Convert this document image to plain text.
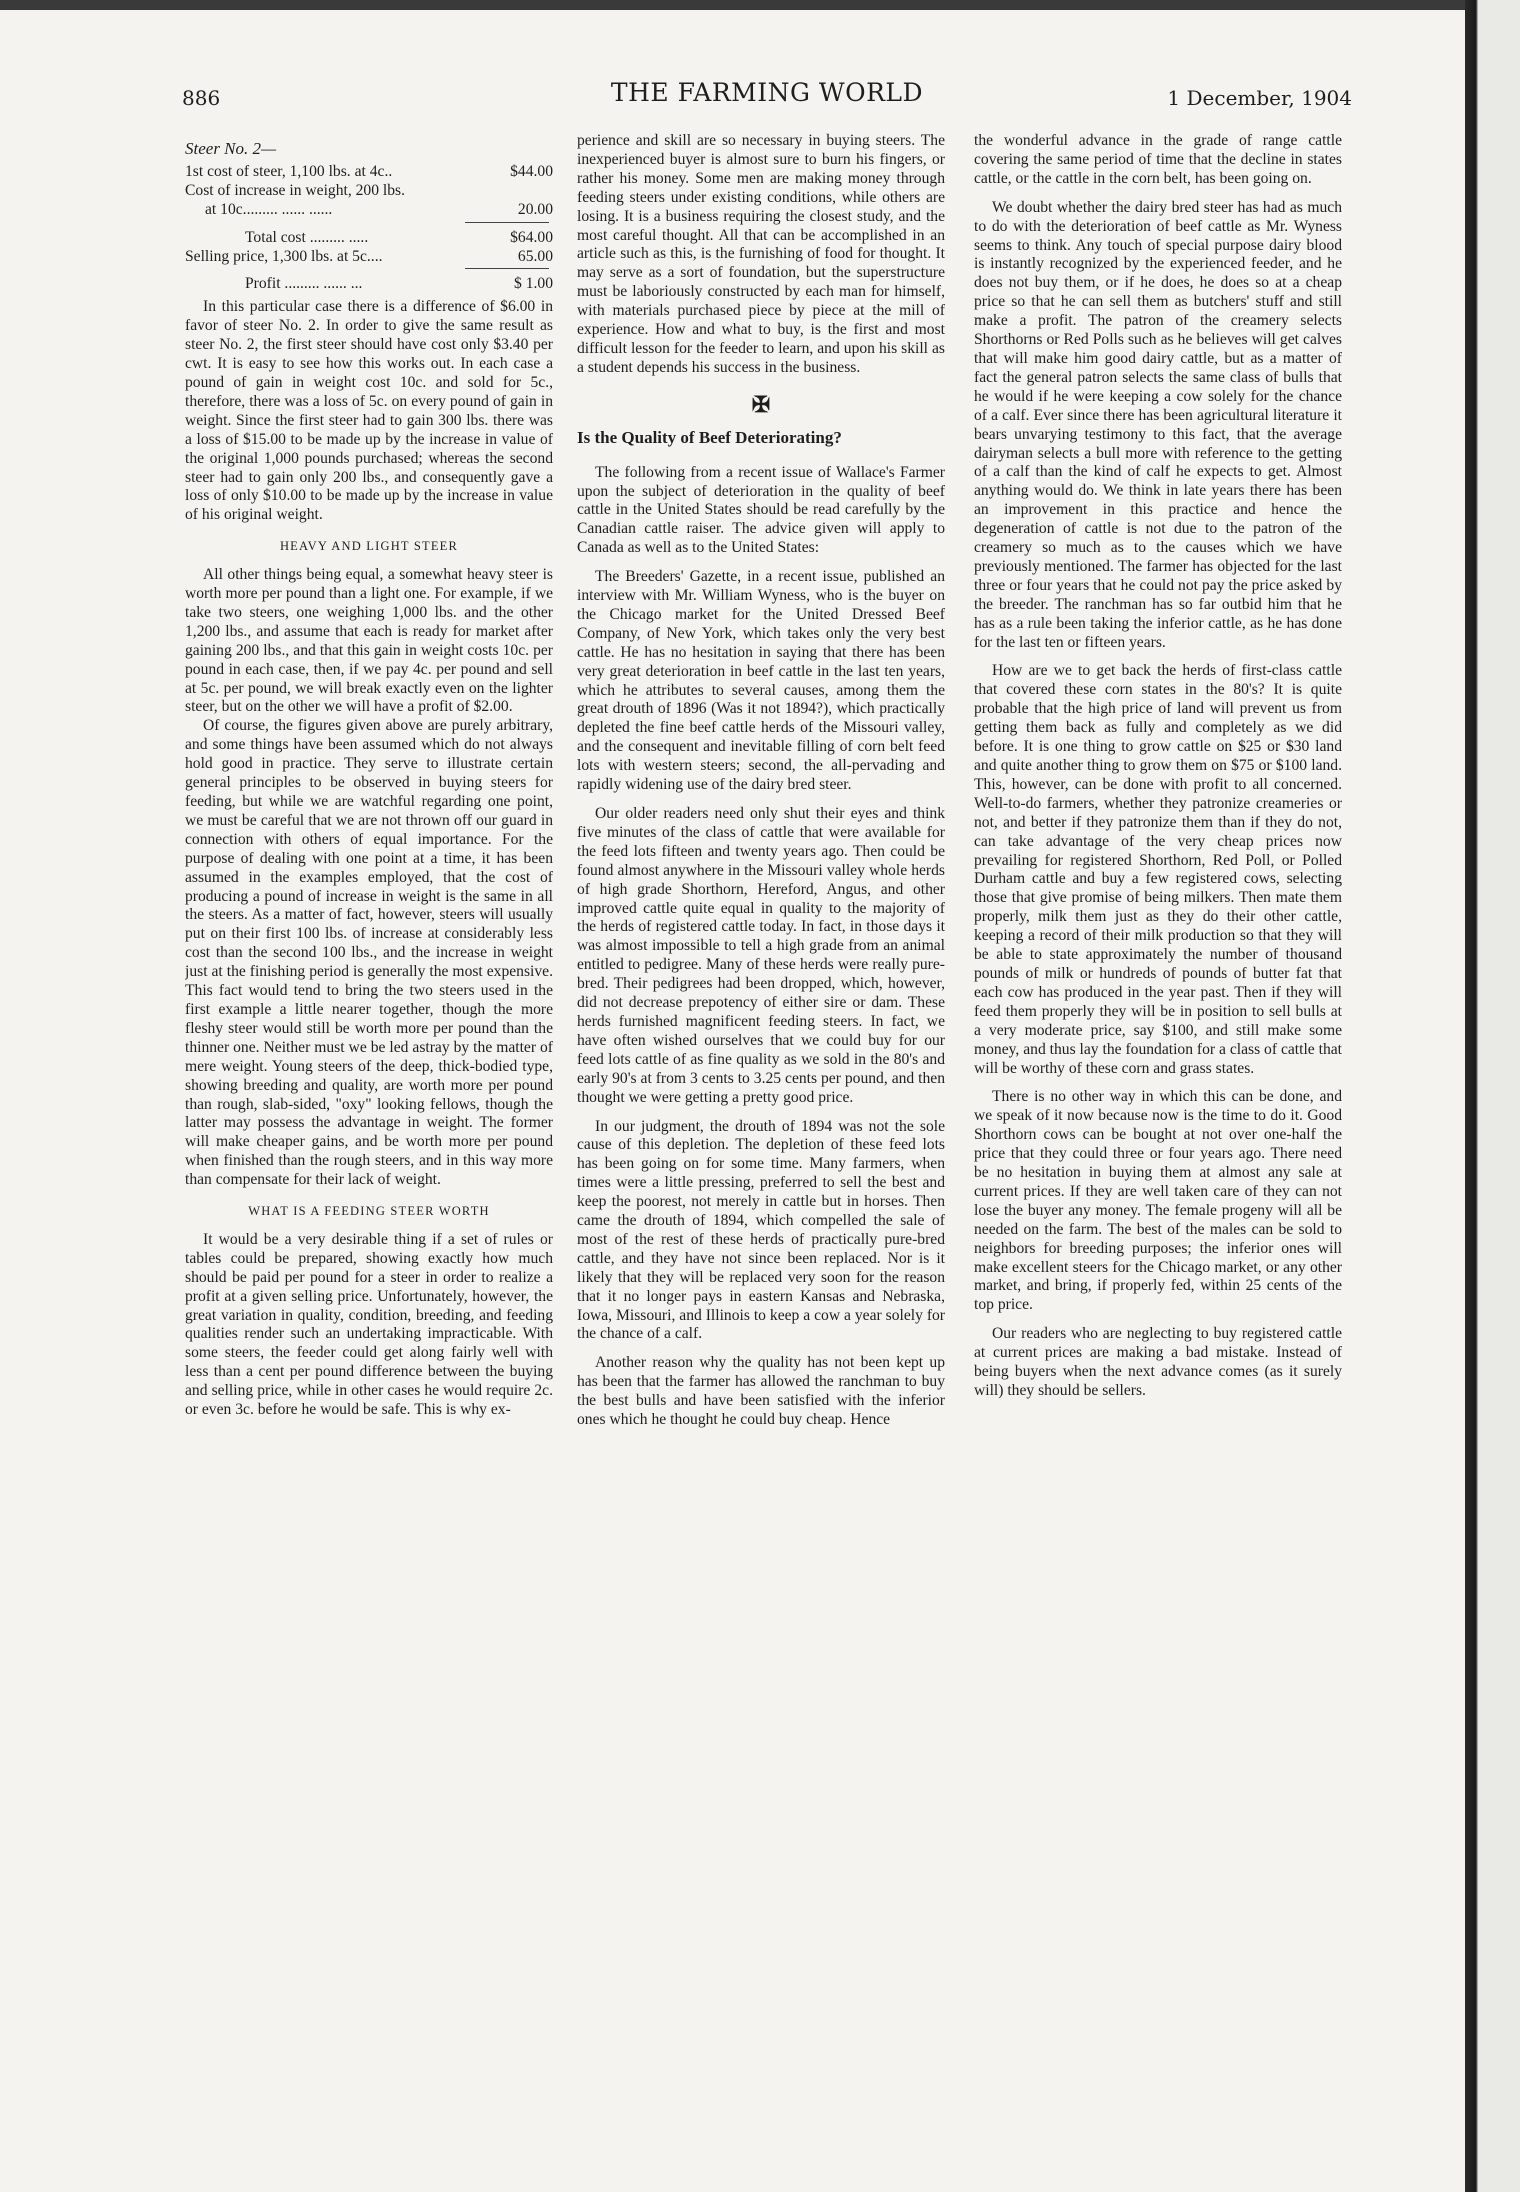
886	THE FARMING WORLD	1 December, 1904
Steer No. 2—
1st cost of steer, 1,100 lbs. at 4c..	$44.00
Cost of increase in weight, 200 lbs.
at 10c......... ...... ......	20.00
Total cost ......... .....	$64.00
Selling price, 1,300 lbs. at 5c....	65.00
Profit ......... ...... ...	$ 1.00

In this particular case there is a difference of $6.00 in favor of steer No. 2. In order to give the same result as steer No. 2, the first steer should have cost only $3.40 per cwt. It is easy to see how this works out. In each case a pound of gain in weight cost 10c. and sold for 5c., therefore, there was a loss of 5c. on every pound of gain in weight. Since the first steer had to gain 300 lbs. there was a loss of $15.00 to be made up by the increase in value of the original 1,000 pounds purchased; whereas the second steer had to gain only 200 lbs., and consequently gave a loss of only $10.00 to be made up by the increase in value of his original weight.

HEAVY AND LIGHT STEER

All other things being equal, a somewhat heavy steer is worth more per pound than a light one. For example, if we take two steers, one weighing 1,000 lbs. and the other 1,200 lbs., and assume that each is ready for market after gaining 200 lbs., and that this gain in weight costs 10c. per pound in each case, then, if we pay 4c. per pound and sell at 5c. per pound, we will break exactly even on the lighter steer, but on the other we will have a profit of $2.00.

Of course, the figures given above are purely arbitrary, and some things have been assumed which do not always hold good in practice. They serve to illustrate certain general principles to be observed in buying steers for feeding, but while we are watchful regarding one point, we must be careful that we are not thrown off our guard in connection with others of equal importance. For the purpose of dealing with one point at a time, it has been assumed in the examples employed, that the cost of producing a pound of increase in weight is the same in all the steers. As a matter of fact, however, steers will usually put on their first 100 lbs. of increase at considerably less cost than the second 100 lbs., and the increase in weight just at the finishing period is generally the most expensive. This fact would tend to bring the two steers used in the first example a little nearer together, though the more fleshy steer would still be worth more per pound than the thinner one. Neither must we be led astray by the matter of mere weight. Young steers of the deep, thick-bodied type, showing breeding and quality, are worth more per pound than rough, slab-sided, "oxy" looking fellows, though the latter may possess the advantage in weight. The former will make cheaper gains, and be worth more per pound when finished than the rough steers, and in this way more than compensate for their lack of weight.

WHAT IS A FEEDING STEER WORTH

It would be a very desirable thing if a set of rules or tables could be prepared, showing exactly how much should be paid per pound for a steer in order to realize a profit at a given selling price. Unfortunately, however, the great variation in quality, condition, breeding, and feeding qualities render such an undertaking impracticable. With some steers, the feeder could get along fairly well with less than a cent per pound difference between the buying and selling price, while in other cases he would require 2c. or even 3c. before he would be safe. This is why ex-

perience and skill are so necessary in buying steers. The inexperienced buyer is almost sure to burn his fingers, or rather his money. Some men are making money through feeding steers under existing conditions, while others are losing. It is a business requiring the closest study, and the most careful thought. All that can be accomplished in an article such as this, is the furnishing of food for thought. It may serve as a sort of foundation, but the superstructure must be laboriously constructed by each man for himself, with materials purchased piece by piece at the mill of experience. How and what to buy, is the first and most difficult lesson for the feeder to learn, and upon his skill as a student depends his success in the business.

✠
Is the Quality of Beef Deteriorating?

The following from a recent issue of Wallace's Farmer upon the subject of deterioration in the quality of beef cattle in the United States should be read carefully by the Canadian cattle raiser. The advice given will apply to Canada as well as to the United States:

The Breeders' Gazette, in a recent issue, published an interview with Mr. William Wyness, who is the buyer on the Chicago market for the United Dressed Beef Company, of New York, which takes only the very best cattle. He has no hesitation in saying that there has been very great deterioration in beef cattle in the last ten years, which he attributes to several causes, among them the great drouth of 1896 (Was it not 1894?), which practically depleted the fine beef cattle herds of the Missouri valley, and the consequent and inevitable filling of corn belt feed lots with western steers; second, the all-pervading and rapidly widening use of the dairy bred steer.

Our older readers need only shut their eyes and think five minutes of the class of cattle that were available for the feed lots fifteen and twenty years ago. Then could be found almost anywhere in the Missouri valley whole herds of high grade Shorthorn, Hereford, Angus, and other improved cattle quite equal in quality to the majority of the herds of registered cattle today. In fact, in those days it was almost impossible to tell a high grade from an animal entitled to pedigree. Many of these herds were really pure-bred. Their pedigrees had been dropped, which, however, did not decrease prepotency of either sire or dam. These herds furnished magnificent feeding steers. In fact, we have often wished ourselves that we could buy for our feed lots cattle of as fine quality as we sold in the 80's and early 90's at from 3 cents to 3.25 cents per pound, and then thought we were getting a pretty good price.

In our judgment, the drouth of 1894 was not the sole cause of this depletion. The depletion of these feed lots has been going on for some time. Many farmers, when times were a little pressing, preferred to sell the best and keep the poorest, not merely in cattle but in horses. Then came the drouth of 1894, which compelled the sale of most of the rest of these herds of practically pure-bred cattle, and they have not since been replaced. Nor is it likely that they will be replaced very soon for the reason that it no longer pays in eastern Kansas and Nebraska, Iowa, Missouri, and Illinois to keep a cow a year solely for the chance of a calf.

Another reason why the quality has not been kept up has been that the farmer has allowed the ranchman to buy the best bulls and have been satisfied with the inferior ones which he thought he could buy cheap. Hence

the wonderful advance in the grade of range cattle covering the same period of time that the decline in states cattle, or the cattle in the corn belt, has been going on.

We doubt whether the dairy bred steer has had as much to do with the deterioration of beef cattle as Mr. Wyness seems to think. Any touch of special purpose dairy blood is instantly recognized by the experienced feeder, and he does not buy them, or if he does, he does so at a cheap price so that he can sell them as butchers' stuff and still make a profit. The patron of the creamery selects Shorthorns or Red Polls such as he believes will get calves that will make him good dairy cattle, but as a matter of fact the general patron selects the same class of bulls that he would if he were keeping a cow solely for the chance of a calf. Ever since there has been agricultural literature it bears unvarying testimony to this fact, that the average dairyman selects a bull more with reference to the getting of a calf than the kind of calf he expects to get. Almost anything would do. We think in late years there has been an improvement in this practice and hence the degeneration of cattle is not due to the patron of the creamery so much as to the causes which we have previously mentioned. The farmer has objected for the last three or four years that he could not pay the price asked by the breeder. The ranchman has so far outbid him that he has as a rule been taking the inferior cattle, as he has done for the last ten or fifteen years.

How are we to get back the herds of first-class cattle that covered these corn states in the 80's? It is quite probable that the high price of land will prevent us from getting them back as fully and completely as we did before. It is one thing to grow cattle on $25 or $30 land and quite another thing to grow them on $75 or $100 land. This, however, can be done with profit to all concerned. Well-to-do farmers, whether they patronize creameries or not, and better if they patronize them than if they do not, can take advantage of the very cheap prices now prevailing for registered Shorthorn, Red Poll, or Polled Durham cattle and buy a few registered cows, selecting those that give promise of being milkers. Then mate them properly, milk them just as they do their other cattle, keeping a record of their milk production so that they will be able to state approximately the number of thousand pounds of milk or hundreds of pounds of butter fat that each cow has produced in the year past. Then if they will feed them properly they will be in position to sell bulls at a very moderate price, say $100, and still make some money, and thus lay the foundation for a class of cattle that will be worthy of these corn and grass states.

There is no other way in which this can be done, and we speak of it now because now is the time to do it. Good Shorthorn cows can be bought at not over one-half the price that they could three or four years ago. There need be no hesitation in buying them at almost any sale at current prices. If they are well taken care of they can not lose the buyer any money. The female progeny will all be needed on the farm. The best of the males can be sold to neighbors for breeding purposes; the inferior ones will make excellent steers for the Chicago market, or any other market, and bring, if properly fed, within 25 cents of the top price.

Our readers who are neglecting to buy registered cattle at current prices are making a bad mistake. Instead of being buyers when the next advance comes (as it surely will) they should be sellers.
